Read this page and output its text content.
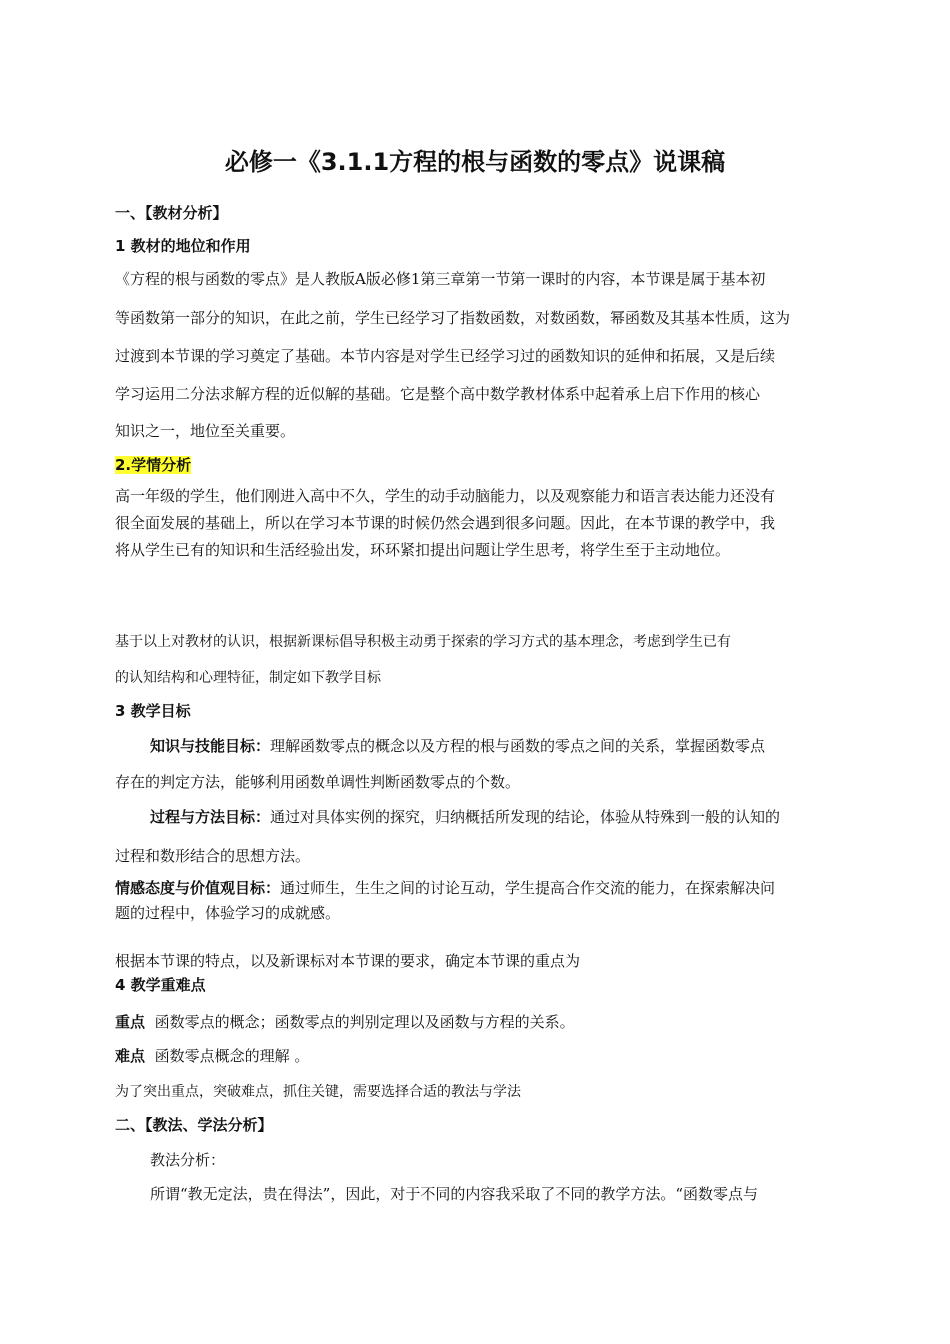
必修一《3.1.1方程的根与函数的零点》说课稿
一、【教材分析】
1 教材的地位和作用
《方程的根与函数的零点》是人教版A版必修1第三章第一节第一课时的内容，本节课是属于基本初
等函数第一部分的知识，在此之前，学生已经学习了指数函数，对数函数，幂函数及其基本性质，这为
过渡到本节课的学习奠定了基础。本节内容是对学生已经学习过的函数知识的延伸和拓展，又是后续
学习运用二分法求解方程的近似解的基础。它是整个高中数学教材体系中起着承上启下作用的核心
知识之一，地位至关重要。
2.学情分析
高一年级的学生，他们刚进入高中不久，学生的动手动脑能力，以及观察能力和语言表达能力还没有
很全面发展的基础上，所以在学习本节课的时候仍然会遇到很多问题。因此，在本节课的教学中，我
将从学生已有的知识和生活经验出发，环环紧扣提出问题让学生思考，将学生至于主动地位。
基于以上对教材的认识，根据新课标倡导积极主动勇于探索的学习方式的基本理念，考虑到学生已有
的认知结构和心理特征，制定如下教学目标
3 教学目标
知识与技能目标：理解函数零点的概念以及方程的根与函数的零点之间的关系，掌握函数零点
存在的判定方法，能够利用函数单调性判断函数零点的个数。
过程与方法目标：通过对具体实例的探究，归纳概括所发现的结论，体验从特殊到一般的认知的
过程和数形结合的思想方法。
情感态度与价值观目标：通过师生，生生之间的讨论互动，学生提高合作交流的能力，在探索解决问
题的过程中，体验学习的成就感。
根据本节课的特点，以及新课标对本节课的要求，确定本节课的重点为
4 教学重难点
重点 函数零点的概念；函数零点的判别定理以及函数与方程的关系。
难点 函数零点概念的理解 。
为了突出重点，突破难点，抓住关键，需要选择合适的教法与学法
二、【教法、学法分析】
教法分析：
所谓“教无定法，贵在得法”，因此，对于不同的内容我采取了不同的教学方法。“函数零点与
